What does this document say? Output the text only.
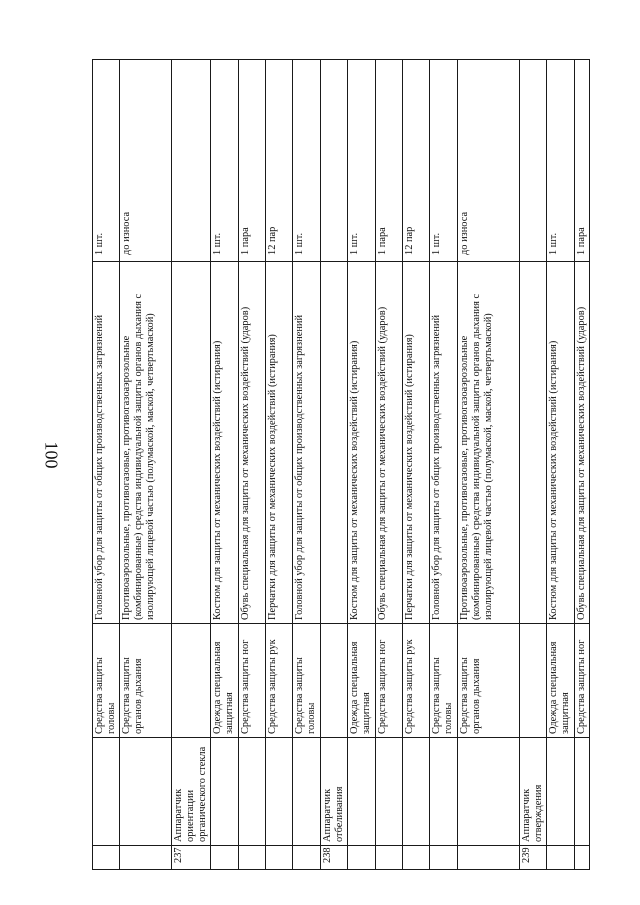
100
		Средства защиты головы	Головной убор для защиты от общих производственных загрязнений	1 шт.
		Средства защиты органов дыхания	Противоаэрозольные, противогазовые, противогазоаэрозольные (комбинированные) средства индивидуальной защиты органов дыхания с изолирующей лицевой частью (полумаской, маской, четвертьмаской)	до износа
237	Аппаратчик ориентации органического стекла			
		Одежда специальная защитная	Костюм для защиты от механических воздействий (истирания)	1 шт.
		Средства защиты ног	Обувь специальная для защиты от механических воздействий (ударов)	1 пара
		Средства защиты рук	Перчатки для защиты от механических воздействий (истирания)	12 пар
		Средства защиты головы	Головной убор для защиты от общих производственных загрязнений	1 шт.
238	Аппаратчик отбеливания			
		Одежда специальная защитная	Костюм для защиты от механических воздействий (истирания)	1 шт.
		Средства защиты ног	Обувь специальная для защиты от механических воздействий (ударов)	1 пара
		Средства защиты рук	Перчатки для защиты от механических воздействий (истирания)	12 пар
		Средства защиты головы	Головной убор для защиты от общих производственных загрязнений	1 шт.
		Средства защиты органов дыхания	Противоаэрозольные, противогазовые, противогазоаэрозольные (комбинированные) средства индивидуальной защиты органов дыхания с изолирующей лицевой частью (полумаской, маской, четвертьмаской)	до износа
239	Аппаратчик отверждения			
		Одежда специальная защитная	Костюм для защиты от механических воздействий (истирания)	1 шт.
		Средства защиты ног	Обувь специальная для защиты от механических воздействий (ударов)	1 пара
